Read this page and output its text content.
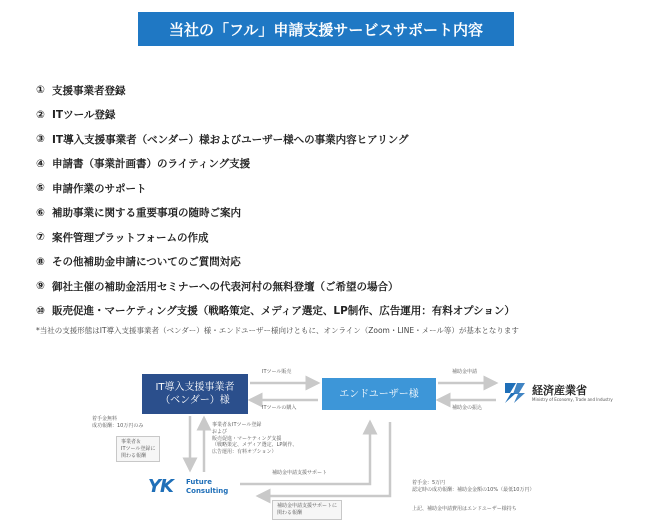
当社の「フル」申請支援サービスサポート内容
① 支援事業者登録
② ITツール登録
③ IT導入支援事業者（ベンダー）様およびユーザー様への事業内容ヒアリング
④ 申請書（事業計画書）のライティング支援
⑤ 申請作業のサポート
⑥ 補助事業に関する重要事項の随時ご案内
⑦ 案件管理プラットフォームの作成
⑧ その他補助金申請についてのご質問対応
⑨ 御社主催の補助金活用セミナーへの代表河村の無料登壇（ご希望の場合）
⑩ 販売促進・マーケティング支援（戦略策定、メディア選定、LP制作、広告運用：有料オプション）
*当社の支援形態はIT導入支援事業者（ベンダー）様・エンドユーザー様向けともに、オンライン（Zoom・LINE・メール等）が基本となります
IT導入支援事業者
（ベンダー）様
エンドユーザー様	経済産業省
Ministry of Economy, Trade and Industry
ITツール販売
ITツールの購入
補助金申請
補助金の振込
着手金無料
成功報酬：10万円のみ
事業者＆
ITツール登録に
関わる報酬
事業者＆ITツール登録
および
販売促進・マーケティング支援
（戦略策定、メディア選定、LP制作、
広告運用：有料オプション）
YK Future
Consulting
補助金申請支援サポート
補助金申請支援サポートに
関わる報酬
着手金：5万円
認定時の成功報酬：補助金金額の10%（最低10万円）
上記、補助金申請費用はエンドユーザー様持ち
